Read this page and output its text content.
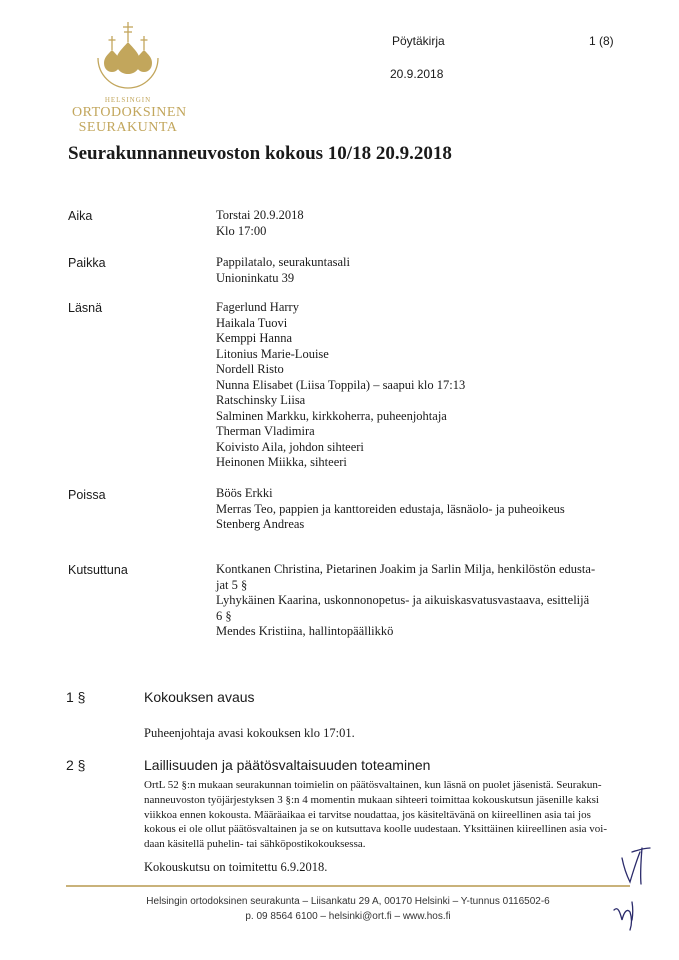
HELSINGIN
ORTODOKSINEN
SEURAKUNTA
Pöytäkirja	1 (8)
20.9.2018
Seurakunnanneuvoston kokous 10/18 20.9.2018
Aika	Torstai 20.9.2018
Klo 17:00
Paikka	Pappilatalo, seurakuntasali
Unioninkatu 39
Läsnä	Fagerlund Harry
Haikala Tuovi
Kemppi Hanna
Litonius Marie-Louise
Nordell Risto
Nunna Elisabet (Liisa Toppila) – saapui klo 17:13
Ratschinsky Liisa
Salminen Markku, kirkkoherra, puheenjohtaja
Therman Vladimira
Koivisto Aila, johdon sihteeri
Heinonen Miikka, sihteeri
Poissa	Böös Erkki
Merras Teo, pappien ja kanttoreiden edustaja, läsnäolo- ja puheoikeus
Stenberg Andreas
Kutsuttuna	Kontkanen Christina, Pietarinen Joakim ja Sarlin Milja, henkilöstön edusta-
jat 5 §
Lyhykäinen Kaarina, uskonnonopetus- ja aikuiskasvatusvastaava, esittelijä
6 §
Mendes Kristiina, hallintopäällikkö
1 §	Kokouksen avaus
Puheenjohtaja avasi kokouksen klo 17:01.
2 §	Laillisuuden ja päätösvaltaisuuden toteaminen
OrtL 52 §:n mukaan seurakunnan toimielin on päätösvaltainen, kun läsnä on puolet jäsenistä. Seurakun-
nanneuvoston työjärjestyksen 3 §:n 4 momentin mukaan sihteeri toimittaa kokouskutsun jäsenille kaksi
viikkoa ennen kokousta. Määräaikaa ei tarvitse noudattaa, jos käsiteltävänä on kiireellinen asia tai jos
kokous ei ole ollut päätösvaltainen ja se on kutsuttava koolle uudestaan. Yksittäinen kiireellinen asia voi-
daan käsitellä puhelin- tai sähköpostikokouksessa.
Kokouskutsu on toimitettu 6.9.2018.
Helsingin ortodoksinen seurakunta – Liisankatu 29 A, 00170 Helsinki – Y-tunnus 0116502-6
p. 09 8564 6100 – helsinki@ort.fi – www.hos.fi
